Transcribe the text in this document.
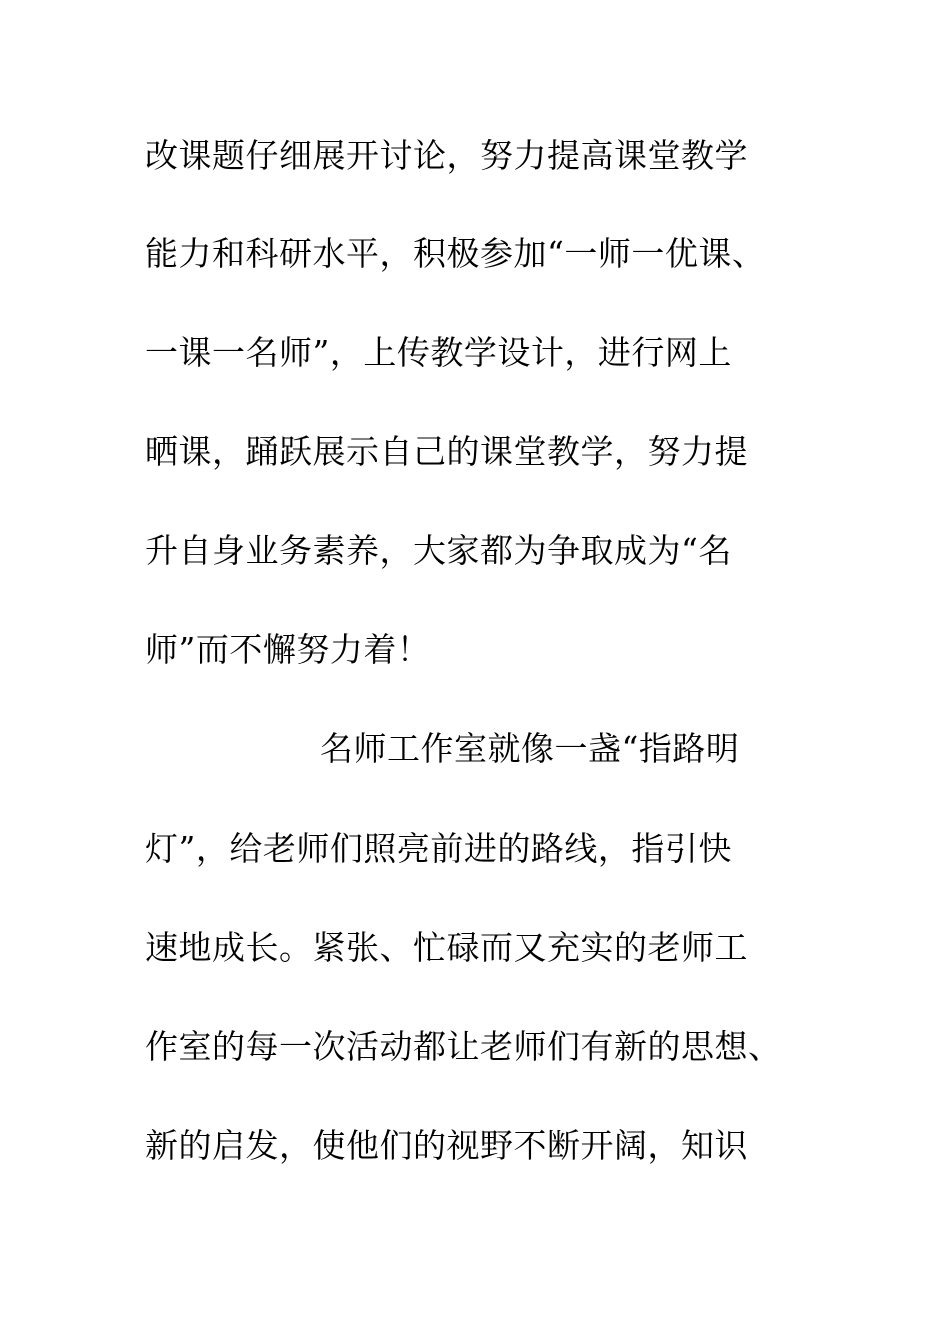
改课题仔细展开讨论，努力提高课堂教学

能力和科研水平，积极参加“一师一优课、

一课一名师”，上传教学设计，进行网上

晒课，踊跃展示自己的课堂教学，努力提

升自身业务素养，大家都为争取成为“名

师”而不懈努力着！

名师工作室就像一盏“指路明

灯”，给老师们照亮前进的路线，指引快

速地成长。紧张、忙碌而又充实的老师工

作室的每一次活动都让老师们有新的思想、

新的启发，使他们的视野不断开阔，知识
